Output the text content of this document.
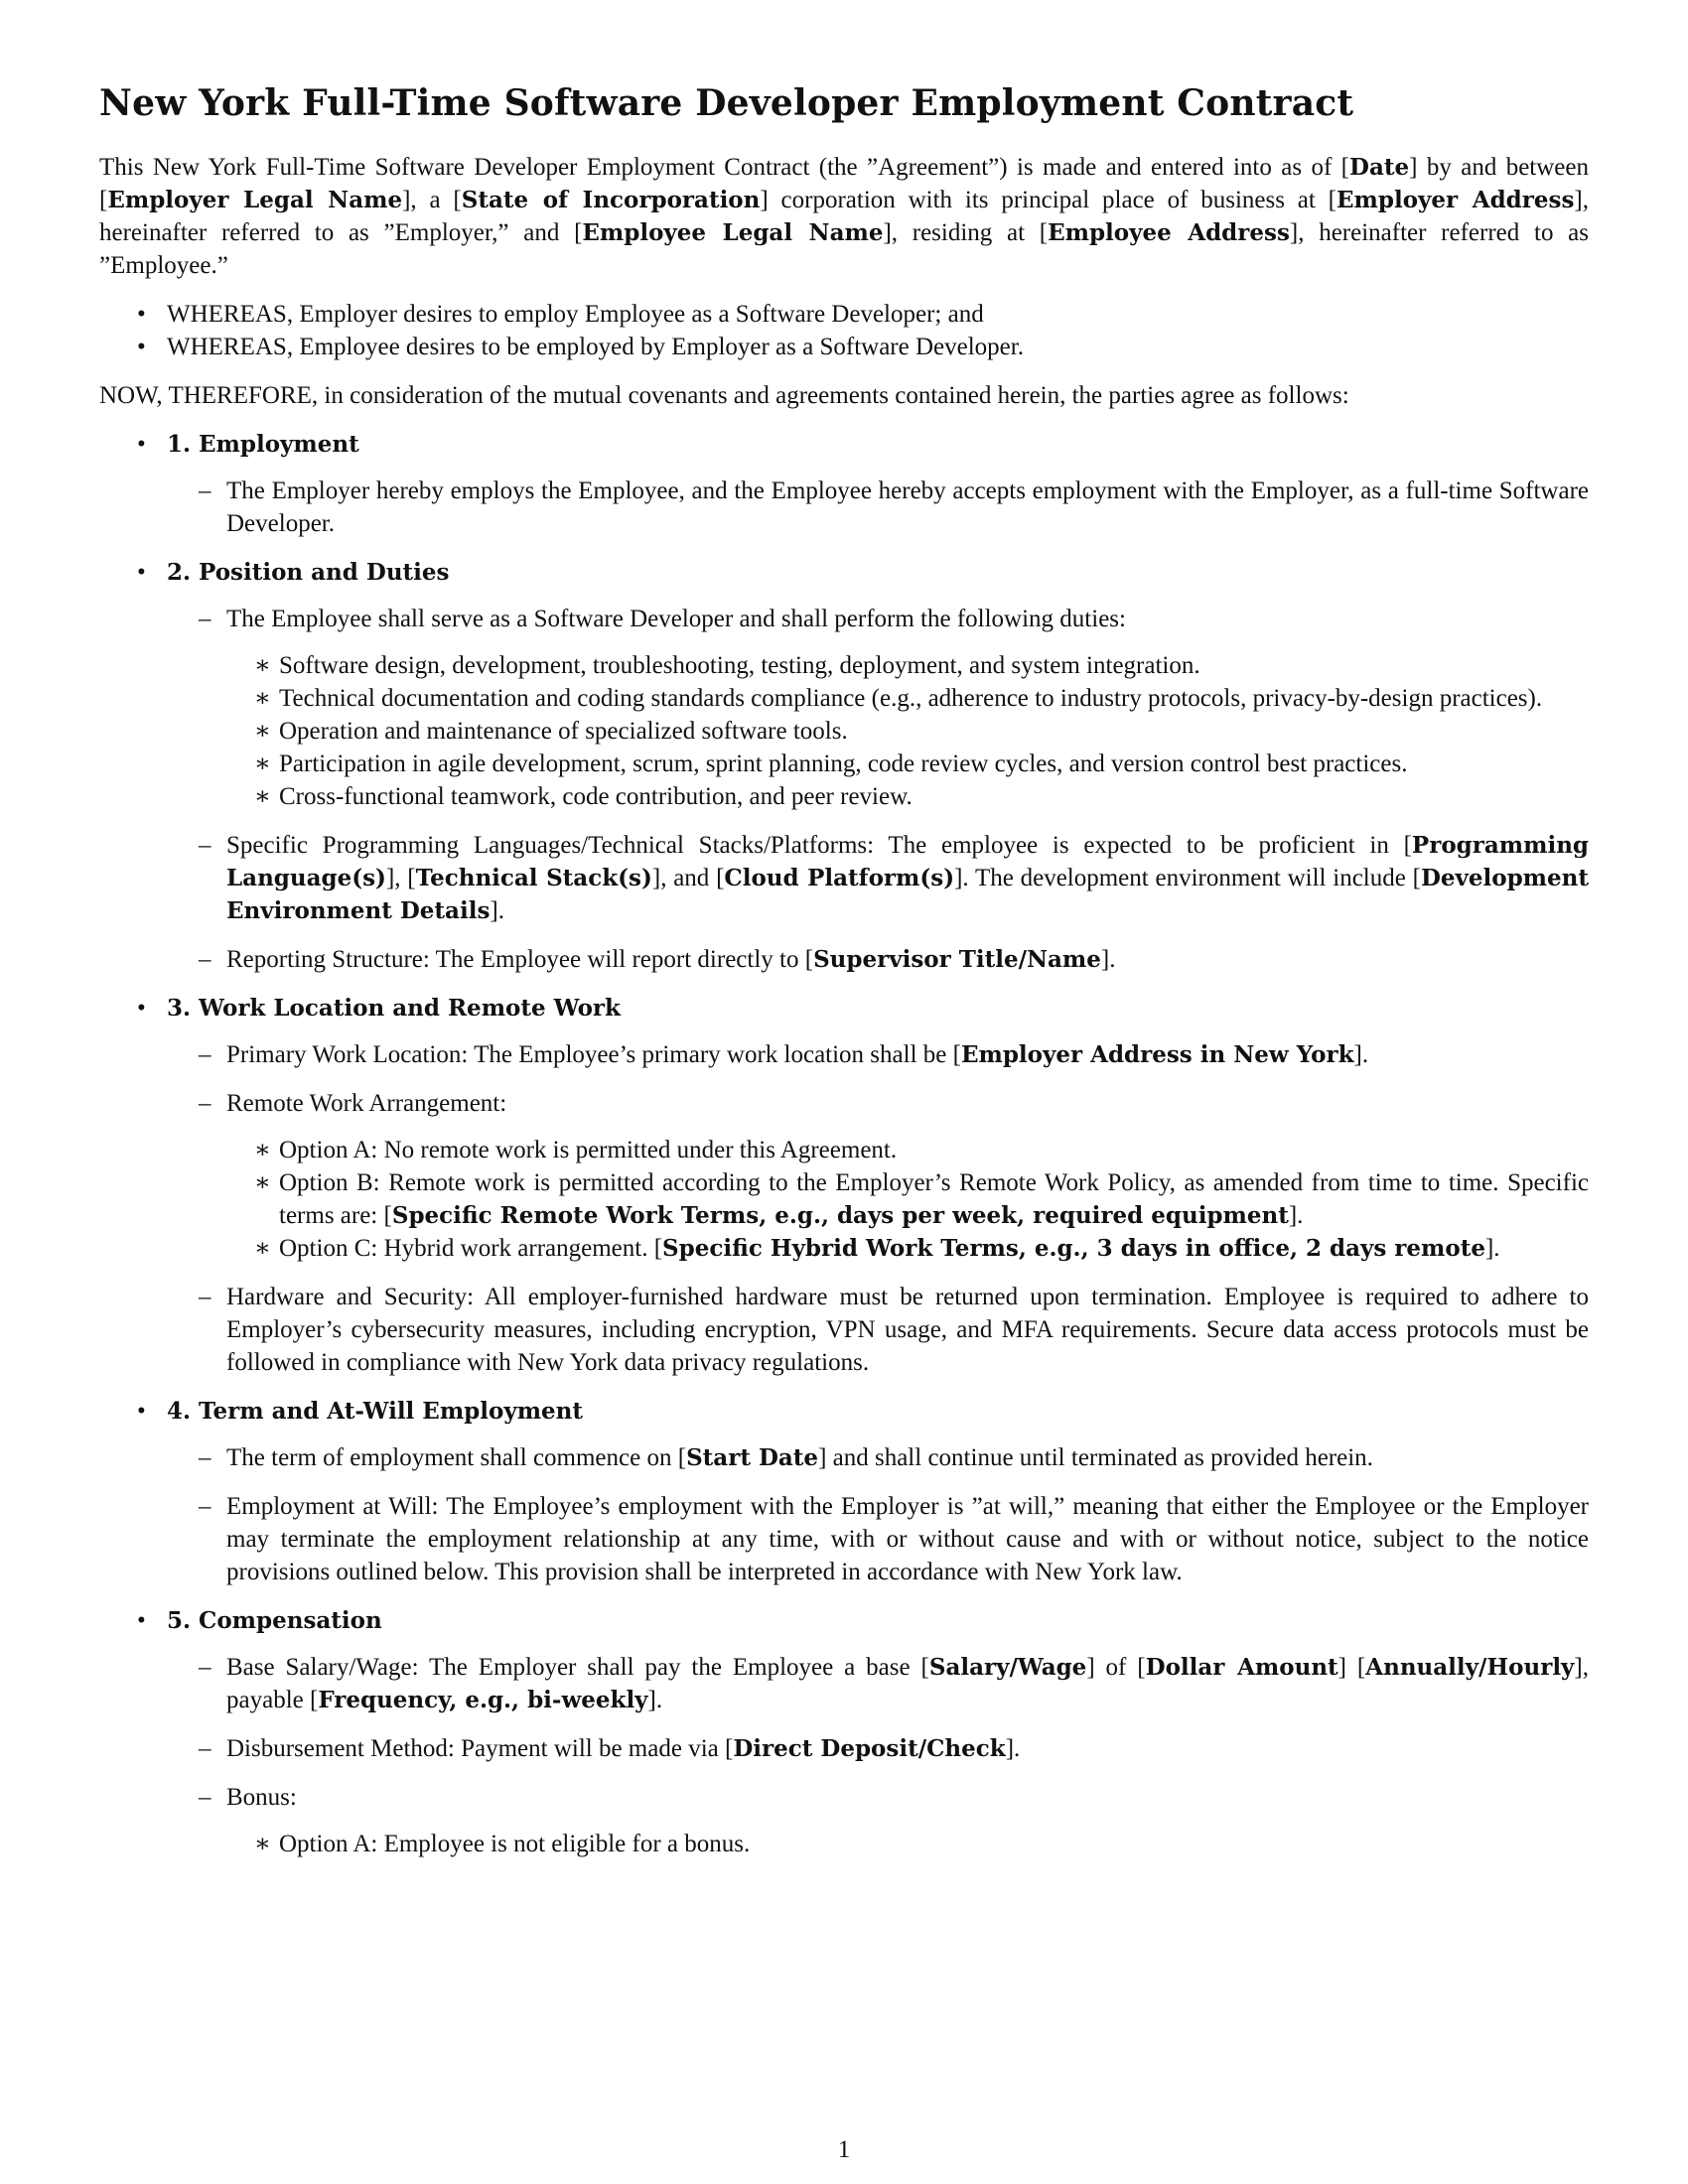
New York Full-Time Software Developer Employment Contract

This New York Full-Time Software Developer Employment Contract (the ”Agreement”) is made and entered into as of [Date] by and between [Employer Legal Name], a [State of Incorporation] corporation with its principal place of business at [Employer Address], hereinafter referred to as ”Employer,” and [Employee Legal Name], residing at [Employee Address], hereinafter referred to as ”Employee.”

• WHEREAS, Employer desires to employ Employee as a Software Developer; and
• WHEREAS, Employee desires to be employed by Employer as a Software Developer.

NOW, THEREFORE, in consideration of the mutual covenants and agreements contained herein, the parties agree as follows:

• 1. Employment
– The Employer hereby employs the Employee, and the Employee hereby accepts employment with the Employer, as a full-time Software Developer.
• 2. Position and Duties
– The Employee shall serve as a Software Developer and shall perform the following duties:
∗ Software design, development, troubleshooting, testing, deployment, and system integration.
∗ Technical documentation and coding standards compliance (e.g., adherence to industry protocols, privacy-by-design practices).
∗ Operation and maintenance of specialized software tools.
∗ Participation in agile development, scrum, sprint planning, code review cycles, and version control best practices.
∗ Cross-functional teamwork, code contribution, and peer review.
– Specific Programming Languages/Technical Stacks/Platforms: The employee is expected to be proficient in [Programming Language(s)], [Technical Stack(s)], and [Cloud Platform(s)]. The development environment will include [Development Environment Details].
– Reporting Structure: The Employee will report directly to [Supervisor Title/Name].
• 3. Work Location and Remote Work
– Primary Work Location: The Employee’s primary work location shall be [Employer Address in New York].
– Remote Work Arrangement:
∗ Option A: No remote work is permitted under this Agreement.
∗ Option B: Remote work is permitted according to the Employer’s Remote Work Policy, as amended from time to time. Specific terms are: [Specific Remote Work Terms, e.g., days per week, required equipment].
∗ Option C: Hybrid work arrangement. [Specific Hybrid Work Terms, e.g., 3 days in office, 2 days remote].
– Hardware and Security: All employer-furnished hardware must be returned upon termination. Employee is required to adhere to Employer’s cybersecurity measures, including encryption, VPN usage, and MFA requirements. Secure data access protocols must be followed in compliance with New York data privacy regulations.
• 4. Term and At-Will Employment
– The term of employment shall commence on [Start Date] and shall continue until terminated as provided herein.
– Employment at Will: The Employee’s employment with the Employer is ”at will,” meaning that either the Employee or the Employer may terminate the employment relationship at any time, with or without cause and with or without notice, subject to the notice provisions outlined below. This provision shall be interpreted in accordance with New York law.
• 5. Compensation
– Base Salary/Wage: The Employer shall pay the Employee a base [Salary/Wage] of [Dollar Amount] [Annually/Hourly], payable [Frequency, e.g., bi-weekly].
– Disbursement Method: Payment will be made via [Direct Deposit/Check].
– Bonus:
∗ Option A: Employee is not eligible for a bonus.
1
